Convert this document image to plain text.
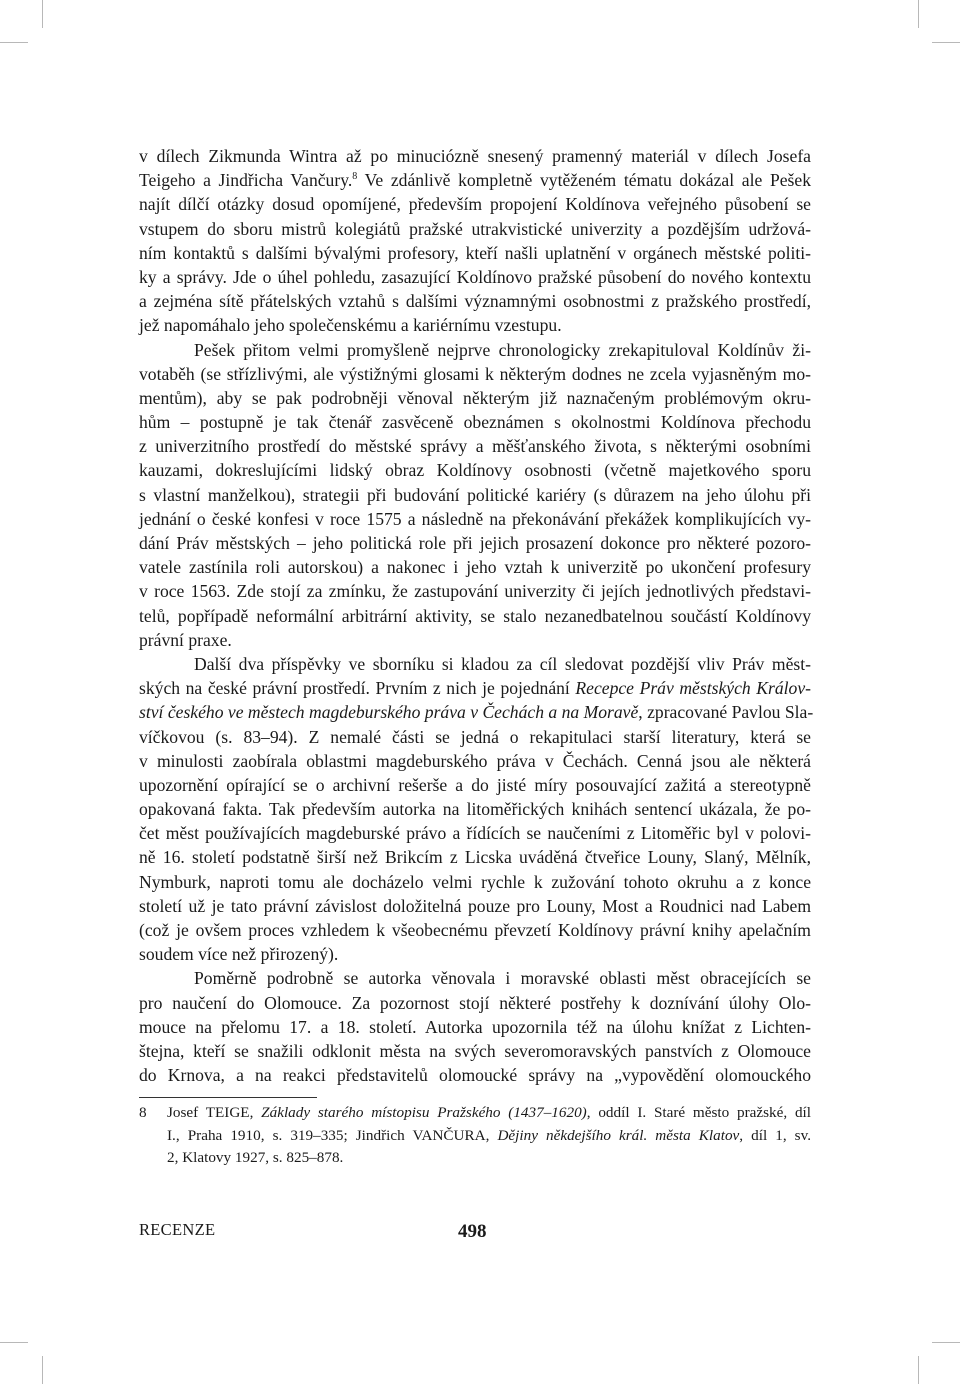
v dílech Zikmunda Wintra až po minuciózně snesený pramenný materiál v dílech Josefa
Teigeho a Jindřicha Vančury.$^8$ Ve zdánlivě kompletně vytěženém tématu dokázal ale Pešek
najít dílčí otázky dosud opomíjené, především propojení Koldínova veřejného působení se
vstupem do sboru mistrů kolegiátů pražské utrakvistické univerzity a pozdějším udržová-
ním kontaktů s dalšími bývalými profesory, kteří našli uplatnění v orgánech městské politi-
ky a správy. Jde o úhel pohledu, zasazující Koldínovo pražské působení do nového kontextu
a zejména sítě přátelských vztahů s dalšími významnými osobnostmi z pražského prostředí,
jež napomáhalo jeho společenskému a kariérnímu vzestupu.
Pešek přitom velmi promyšleně nejprve chronologicky zrekapituloval Koldínův ži-
votaběh (se střízlivými, ale výstižnými glosami k některým dodnes ne zcela vyjasněným mo-
mentům), aby se pak podrobněji věnoval některým již naznačeným problémovým okru-
hům – postupně je tak čtenář zasvěceně obeznámen s okolnostmi Koldínova přechodu
z univerzitního prostředí do městské správy a měšťanského života, s některými osobními
kauzami, dokreslujícími lidský obraz Koldínovy osobnosti (včetně majetkového sporu
s vlastní manželkou), strategii při budování politické kariéry (s důrazem na jeho úlohu při
jednání o české konfesi v roce 1575 a následně na překonávání překážek komplikujících vy-
dání Práv městských – jeho politická role při jejich prosazení dokonce pro některé pozoro-
vatele zastínila roli autorskou) a nakonec i jeho vztah k univerzitě po ukončení profesury
v roce 1563. Zde stojí za zmínku, že zastupování univerzity či jejích jednotlivých představi-
telů, popřípadě neformální arbitrární aktivity, se stalo nezanedbatelnou součástí Koldínovy
právní praxe.
Další dva příspěvky ve sborníku si kladou za cíl sledovat pozdější vliv Práv měst-
ských na české právní prostředí. Prvním z nich je pojednání Recepce Práv městských Králov-
ství českého ve městech magdeburského práva v Čechách a na Moravě, zpracované Pavlou Sla-
víčkovou (s. 83–94). Z nemalé části se jedná o rekapitulaci starší literatury, která se
v minulosti zaobírala oblastmi magdeburského práva v Čechách. Cenná jsou ale některá
upozornění opírající se o archivní rešerše a do jisté míry posouvající zažitá a stereotypně
opakovaná fakta. Tak především autorka na litoměřických knihách sentencí ukázala, že po-
čet měst používajících magdeburské právo a řídících se naučeními z Litoměřic byl v polovi-
ně 16. století podstatně širší než Brikcím z Licska uváděná čtveřice Louny, Slaný, Mělník,
Nymburk, naproti tomu ale docházelo velmi rychle k zužování tohoto okruhu a z konce
století už je tato právní závislost doložitelná pouze pro Louny, Most a Roudnici nad Labem
(což je ovšem proces vzhledem k všeobecnému převzetí Koldínovy právní knihy apelačním
soudem více než přirozený).
Poměrně podrobně se autorka věnovala i moravské oblasti měst obracejících se
pro naučení do Olomouce. Za pozornost stojí některé postřehy k doznívání úlohy Olo-
mouce na přelomu 17. a 18. století. Autorka upozornila též na úlohu knížat z Lichten-
štejna, kteří se snažili odklonit města na svých severomoravských panstvích z Olomouce
do Krnova, a na reakci představitelů olomoucké správy na „vypovědění olomouckého
8 Josef TEIGE, Základy starého místopisu Pražského (1437–1620), oddíl I. Staré město pražské, díl
I., Praha 1910, s. 319–335; Jindřich VANČURA, Dějiny někdejšího král. města Klatov, díl 1, sv.
2, Klatovy 1927, s. 825–878.
RECENZE	498
